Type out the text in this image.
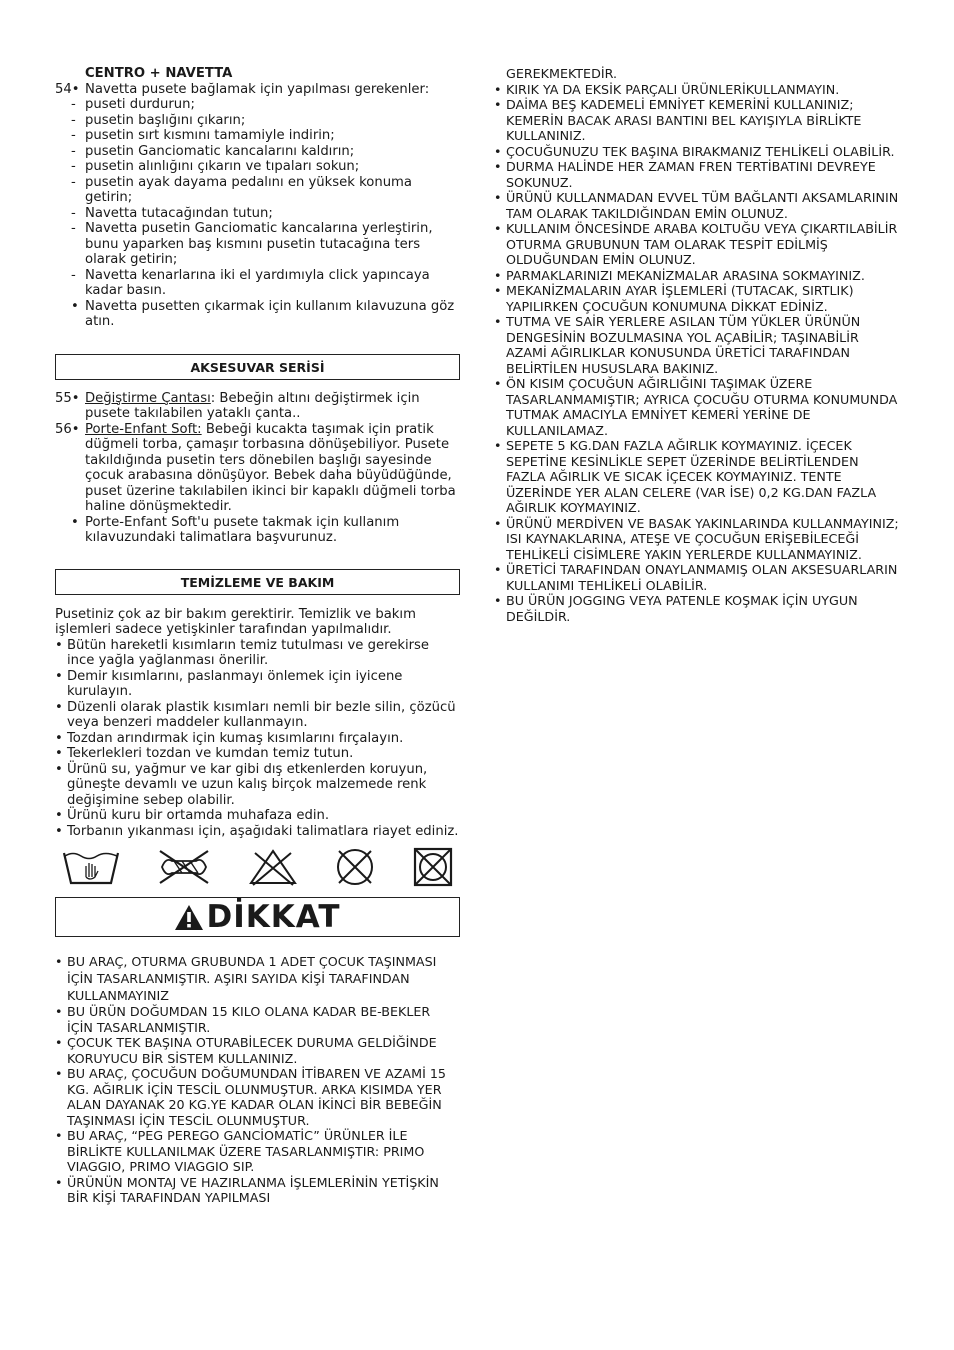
CENTRO + NAVETTA
54• Navetta pusete bağlamak için yapılması gerekenler:
- puseti durdurun;
- pusetin başlığını çıkarın;
- pusetin sırt kısmını tamamiyle indirin;
- pusetin Ganciomatic kancalarını kaldırın;
- pusetin alınlığını çıkarın ve tıpaları sokun;
- pusetin ayak dayama pedalını en yüksek konuma getirin;
- Navetta tutacağından tutun;
- Navetta pusetin Ganciomatic kancalarına yerleştirin, bunu yaparken baş kısmını pusetin tutacağına ters olarak getirin;
- Navetta kenarlarına iki el yardımıyla click yapıncaya kadar basın.
• Navetta pusetten çıkarmak için kullanım kılavuzuna göz atın.
AKSESUVAR SERİSİ
55• Değiştirme Çantası: Bebeğin altını değiştirmek için pusete takılabilen yataklı çanta..
56• Porte-Enfant Soft: Bebeği kucakta taşımak için pratik düğmeli torba, çamaşır torbasına dönüşebiliyor. Pusete takıldığında pusetin ters dönebilen başlığı sayesinde çocuk arabasına dönüşüyor. Bebek daha büyüdüğünde, puset üzerine takılabilen ikinci bir kapaklı düğmeli torba haline dönüşmektedir.
• Porte-Enfant Soft'u pusete takmak için kullanım kılavuzundaki talimatlara başvurunuz.
TEMİZLEME VE BAKIM
Pusetiniz çok az bir bakım gerektirir. Temizlik ve bakım işlemleri sadece yetişkinler tarafından yapılmalıdır.
• Bütün hareketli kısımların temiz tutulması ve gerekirse ince yağla yağlanması önerilir.
• Demir kısımlarını, paslanmayı önlemek için iyicene kurulayın.
• Düzenli olarak plastik kısımları nemli bir bezle silin, çözücü veya benzeri maddeler kullanmayın.
• Tozdan arındırmak için kumaş kısımlarını fırçalayın.
• Tekerlekleri tozdan ve kumdan temiz tutun.
• Ürünü su, yağmur ve kar gibi dış etkenlerden koruyun, güneşte devamlı ve uzun kalış birçok malzemede renk değişimine sebep olabilir.
• Ürünü kuru bir ortamda muhafaza edin.
• Torbanın yıkanması için, aşağıdaki talimatlara riayet ediniz.
DİKKAT
• BU ARAÇ, OTURMA GRUBUNDA 1 ADET ÇOCUK TAŞINMASI İÇİN TASARLANMIŞTIR. AŞIRI SAYIDA KİŞİ TARAFINDAN KULLANMAYINIZ
• BU ÜRÜN DOĞUMDAN 15 KILO OLANA KADAR BE-BEKLER İÇİN TASARLANMIŞTIR.
• ÇOCUK TEK BAŞINA OTURABİLECEK DURUMA GELDİĞİNDE KORUYUCU BİR SİSTEM KULLANINIZ.
• BU ARAÇ, ÇOCUĞUN DOĞUMUNDAN İTİBAREN VE AZAMİ 15 KG. AĞIRLIK İÇİN TESCİL OLUNMUŞTUR. ARKA KISIMDA YER ALAN DAYANAK 20 KG.YE KADAR OLAN İKİNCİ BİR BEBEĞİN TAŞINMASI İÇİN TESCİL OLUNMUŞTUR.
• BU ARAÇ, “PEG PEREGO GANCİOMATİC” ÜRÜNLER İLE BİRLİKTE KULLANILMAK ÜZERE TASARLANMIŞTIR: PRIMO VIAGGIO, PRIMO VIAGGIO SIP.
• ÜRÜNÜN MONTAJ VE HAZIRLANMA İŞLEMLERİNİN YETİŞKİN BİR KİŞİ TARAFINDAN YAPILMASI
GEREKMEKTEDİR.
• KIRIK YA DA EKSİK PARÇALI ÜRÜNLERİKULLANMAYIN.
• DAİMA BEŞ KADEMELİ EMNİYET KEMERİNİ KULLANINIZ; KEMERİN BACAK ARASI BANTINI BEL KAYIŞIYLA BİRLİKTE KULLANINIZ.
• ÇOCUĞUNUZU TEK BAŞINA BIRAKMANIZ TEHLİKELİ OLABİLİR.
• DURMA HALİNDE HER ZAMAN FREN TERTİBATINI DEVREYE SOKUNUZ.
• ÜRÜNÜ KULLANMADAN EVVEL TÜM BAĞLANTI AKSAMLARININ TAM OLARAK TAKILDIĞINDAN EMİN OLUNUZ.
• KULLANIM ÖNCESİNDE ARABA KOLTUĞU VEYA ÇIKARTILABİLİR OTURMA GRUBUNUN TAM OLARAK TESPİT EDİLMİŞ OLDUĞUNDAN EMİN OLUNUZ.
• PARMAKLARINIZI MEKANİZMALAR ARASINA SOKMAYINIZ.
• MEKANİZMALARIN AYAR İŞLEMLERİ (TUTACAK, SIRTLIK) YAPILIRKEN ÇOCUĞUN KONUMUNA DİKKAT EDİNİZ.
• TUTMA VE SAİR YERLERE ASILAN TÜM YÜKLER ÜRÜNÜN DENGESİNİN BOZULMASINA YOL AÇABİLİR; TAŞINABİLİR AZAMİ AĞIRLIKLAR KONUSUNDA ÜRETİCİ TARAFINDAN BELİRTİLEN HUSUSLARA BAKINIZ.
• ÖN KISIM ÇOCUĞUN AĞIRLIĞINI TAŞIMAK ÜZERE TASARLANMAMIŞTIR; AYRICA ÇOCUĞU OTURMA KONUMUNDA TUTMAK AMACIYLA EMNİYET KEMERİ YERİNE DE KULLANILAMAZ.
• SEPETE 5 KG.DAN FAZLA AĞIRLIK KOYMAYINIZ. İÇECEK SEPETİNE KESİNLİKLE SEPET ÜZERİNDE BELİRTİLENDEN FAZLA AĞIRLIK VE SICAK İÇECEK KOYMAYINIZ. TENTE ÜZERİNDE YER ALAN CELERE (VAR İSE) 0,2 KG.DAN FAZLA AĞIRLIK KOYMAYINIZ.
• ÜRÜNÜ MERDİVEN VE BASAK YAKINLARINDA KULLANMAYINIZ; ISI KAYNAKLARINA, ATEŞE VE ÇOCUĞUN ERİŞEBİLECEĞİ TEHLİKELİ CİSİMLERE YAKIN YERLERDE KULLANMAYINIZ.
• ÜRETİCİ TARAFINDAN ONAYLANMAMIŞ OLAN AKSESUARLARIN KULLANIMI TEHLİKELİ OLABİLİR.
• BU ÜRÜN JOGGING VEYA PATENLE KOŞMAK İÇİN UYGUN DEĞİLDİR.
